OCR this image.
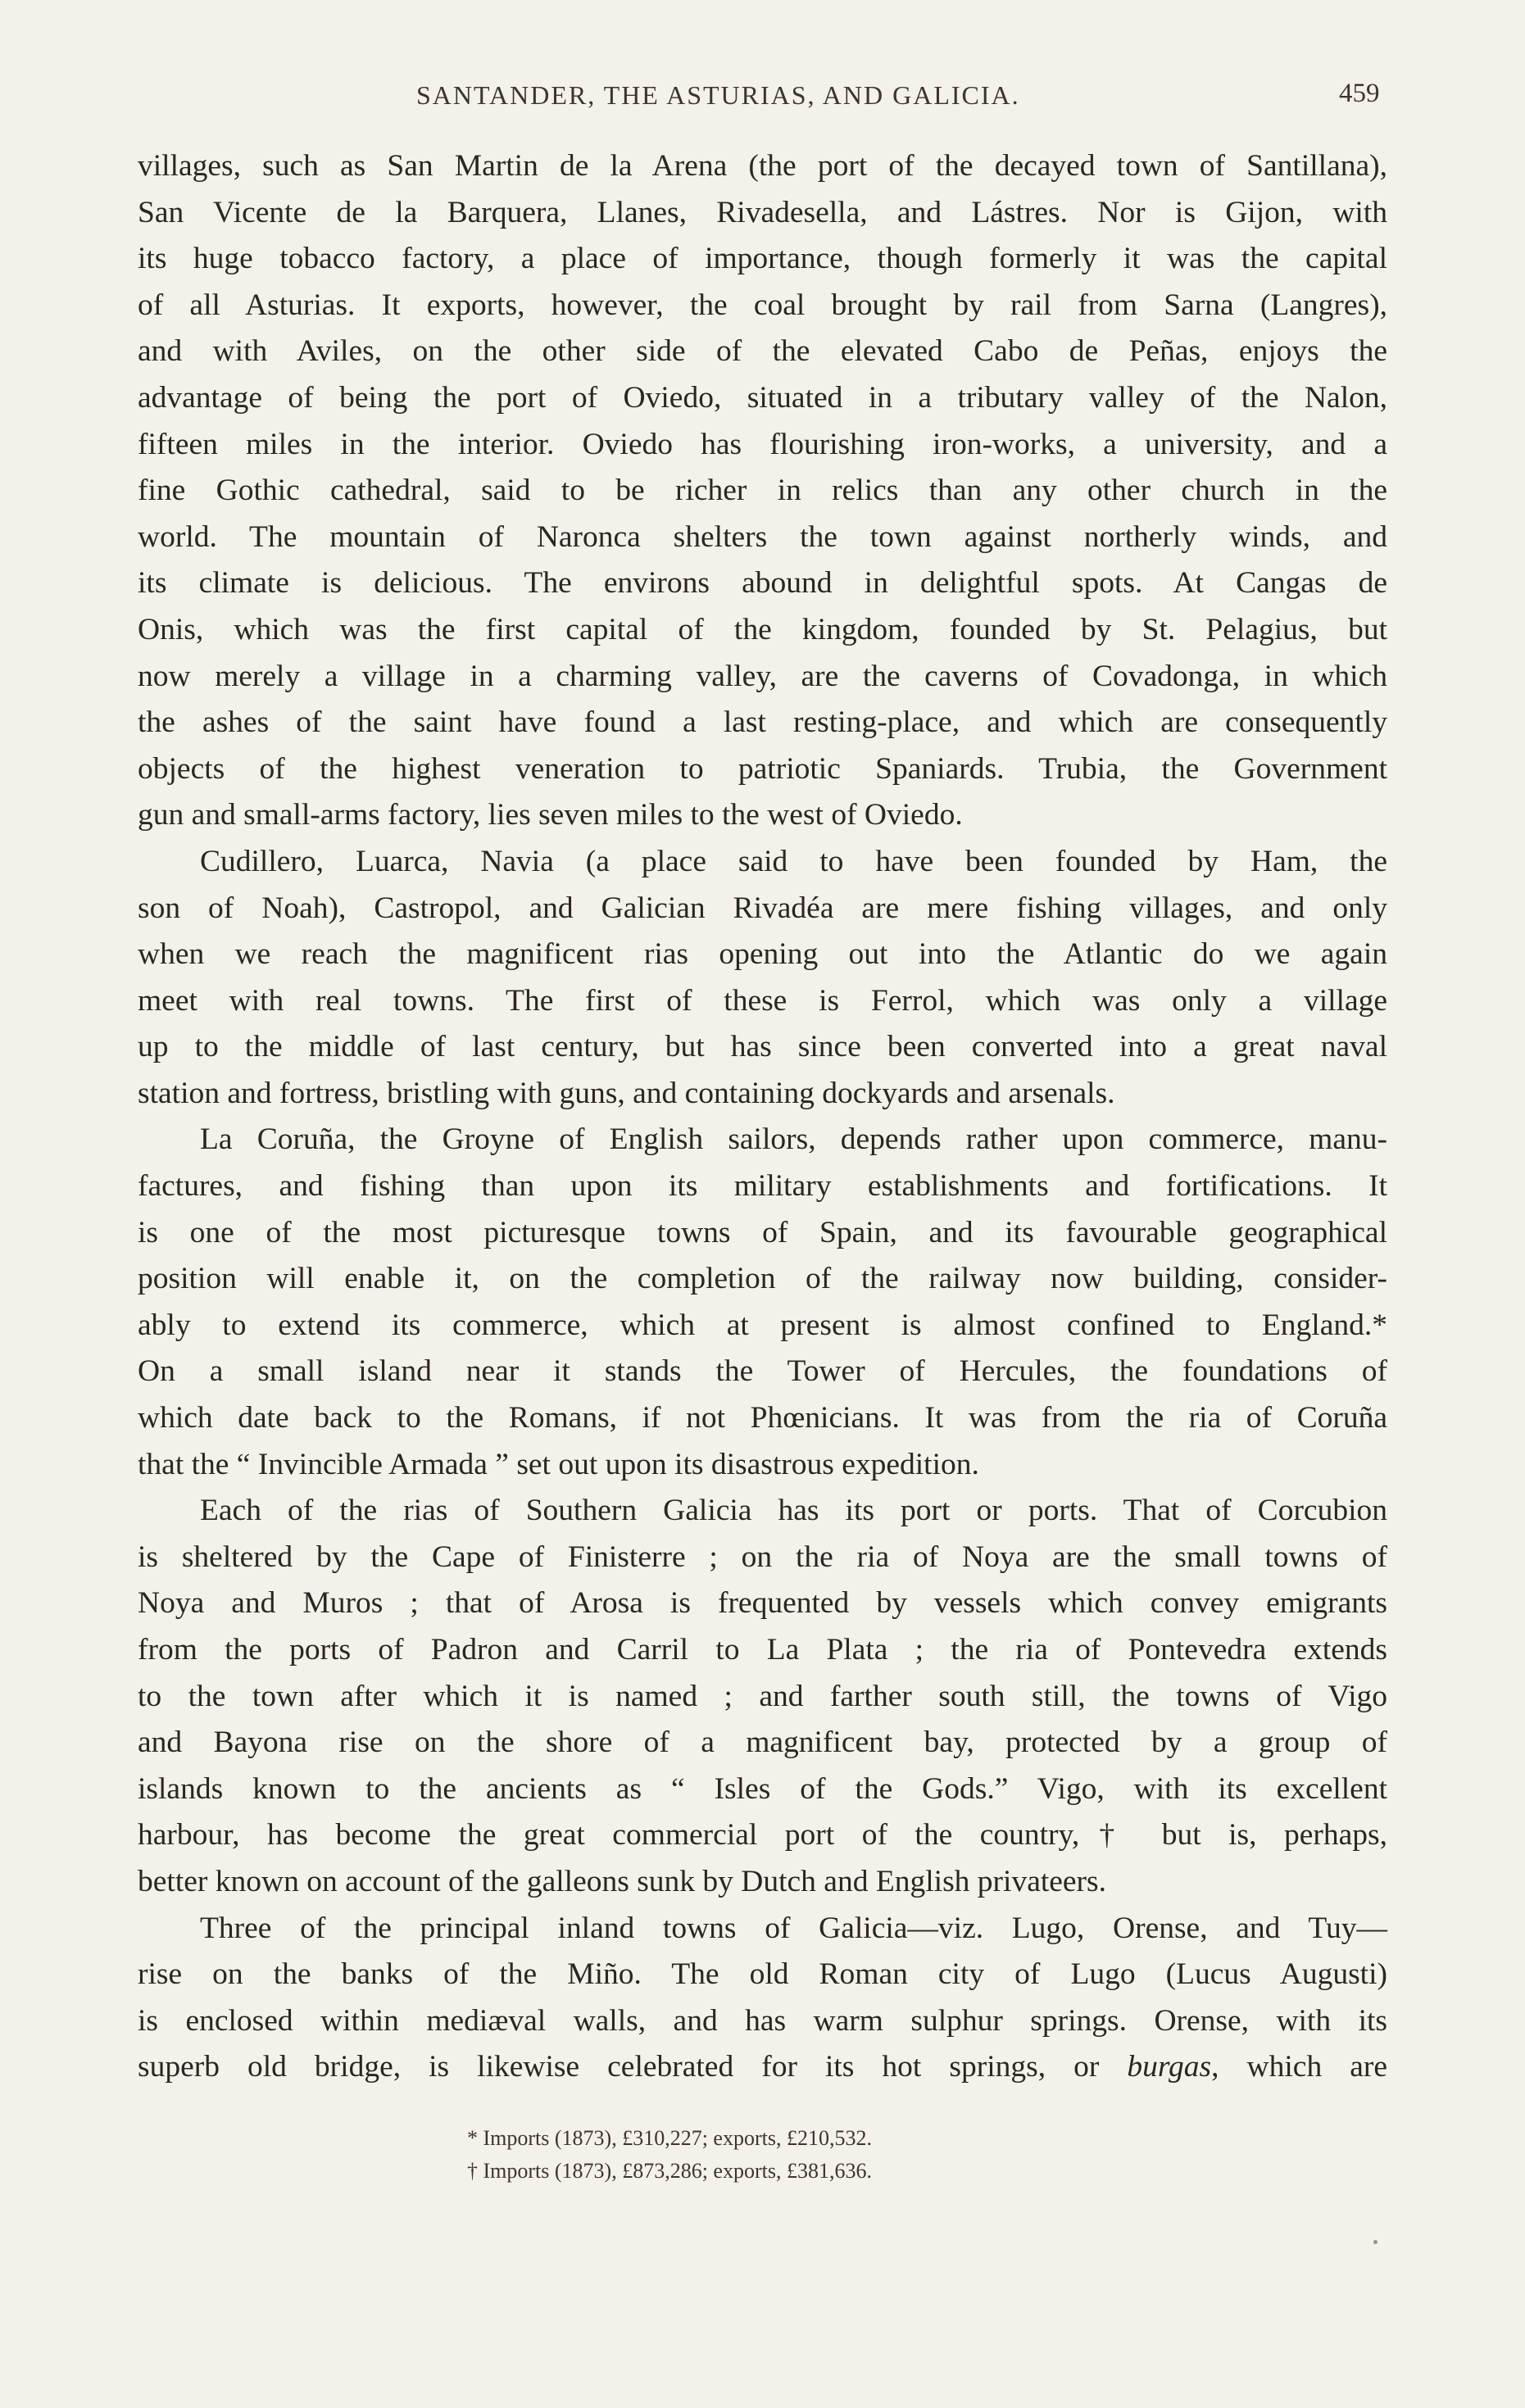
SANTANDER, THE ASTURIAS, AND GALICIA.	459
villages, such as San Martin de la Arena (the port of the decayed town of Santillana),
San Vicente de la Barquera, Llanes, Rivadesella, and Lástres. Nor is Gijon, with
its huge tobacco factory, a place of importance, though formerly it was the capital
of all Asturias. It exports, however, the coal brought by rail from Sarna (Langres),
and with Aviles, on the other side of the elevated Cabo de Peñas, enjoys the
advantage of being the port of Oviedo, situated in a tributary valley of the Nalon,
fifteen miles in the interior. Oviedo has flourishing iron-works, a university, and a
fine Gothic cathedral, said to be richer in relics than any other church in the
world. The mountain of Naronca shelters the town against northerly winds, and
its climate is delicious. The environs abound in delightful spots. At Cangas de
Onis, which was the first capital of the kingdom, founded by St. Pelagius, but
now merely a village in a charming valley, are the caverns of Covadonga, in which
the ashes of the saint have found a last resting-place, and which are consequently
objects of the highest veneration to patriotic Spaniards. Trubia, the Government
gun and small-arms factory, lies seven miles to the west of Oviedo.
Cudillero, Luarca, Navia (a place said to have been founded by Ham, the
son of Noah), Castropol, and Galician Rivadéa are mere fishing villages, and only
when we reach the magnificent rias opening out into the Atlantic do we again
meet with real towns. The first of these is Ferrol, which was only a village
up to the middle of last century, but has since been converted into a great naval
station and fortress, bristling with guns, and containing dockyards and arsenals.
La Coruña, the Groyne of English sailors, depends rather upon commerce, manu-
factures, and fishing than upon its military establishments and fortifications. It
is one of the most picturesque towns of Spain, and its favourable geographical
position will enable it, on the completion of the railway now building, consider-
ably to extend its commerce, which at present is almost confined to England.*
On a small island near it stands the Tower of Hercules, the foundations of
which date back to the Romans, if not Phœnicians. It was from the ria of Coruña
that the “ Invincible Armada ” set out upon its disastrous expedition.
Each of the rias of Southern Galicia has its port or ports. That of Corcubion
is sheltered by the Cape of Finisterre ; on the ria of Noya are the small towns of
Noya and Muros ; that of Arosa is frequented by vessels which convey emigrants
from the ports of Padron and Carril to La Plata ; the ria of Pontevedra extends
to the town after which it is named ; and farther south still, the towns of Vigo
and Bayona rise on the shore of a magnificent bay, protected by a group of
islands known to the ancients as “ Isles of the Gods.” Vigo, with its excellent
harbour, has become the great commercial port of the country,† but is, perhaps,
better known on account of the galleons sunk by Dutch and English privateers.
Three of the principal inland towns of Galicia—viz. Lugo, Orense, and Tuy—
rise on the banks of the Miño. The old Roman city of Lugo (Lucus Augusti)
is enclosed within mediæval walls, and has warm sulphur springs. Orense, with its
superb old bridge, is likewise celebrated for its hot springs, or burgas, which are
* Imports (1873), £310,227; exports, £210,532.
† Imports (1873), £873,286; exports, £381,636.
